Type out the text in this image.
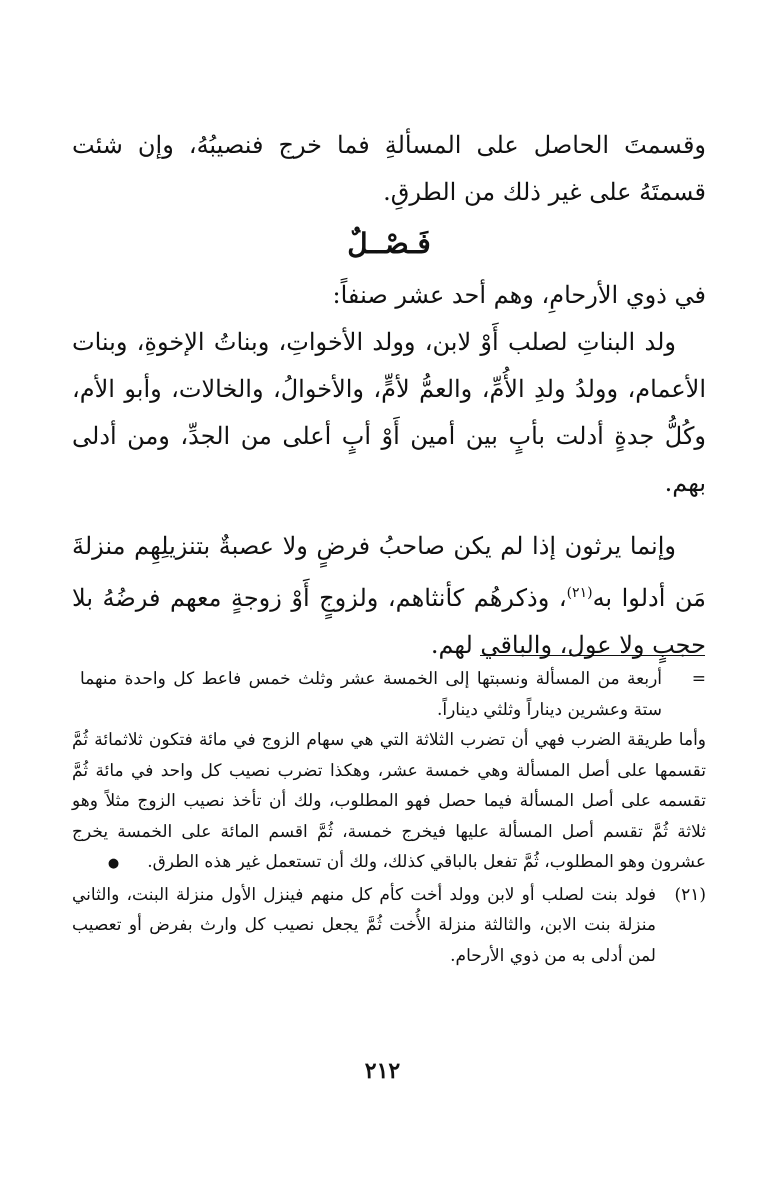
وقسمتَ الحاصل على المسألةِ فما خرج فنصيبُهُ، وإن شئت قسمتَهُ على غير ذلك من الطرقِ.

فَـصْــلٌ

في ذوي الأرحامِ، وهم أحد عشر صنفاً:

ولد البناتِ لصلب أَوْ لابن، وولد الأخواتِ، وبناتُ الإخوةِ، وبنات الأعمام، وولدُ ولدِ الأُمِّ، والعمُّ لأمٍّ، والأخوالُ، والخالات، وأبو الأم، وكُلُّ جدةٍ أدلت بأبٍ بين أمين أَوْ أبٍ أعلى من الجدِّ، ومن أدلى بهم.

وإنما يرثون إذا لم يكن صاحبُ فرضٍ ولا عصبةٌ بتنزيلِهِم منزلةَ مَن أدلوا به$^{(٢١)}$، وذكرهُم كأنثاهم، ولزوجٍ أَوْ زوجةٍ معهم فرضُهُ بلا حجبٍ ولا عول، والباقي لهم.

=

أربعة من المسألة ونسبتها إلى الخمسة عشر وثلث خمس فاعط كل واحدة منهما ستة وعشرين ديناراً وثلثي ديناراً.

وأما طريقة الضرب فهي أن تضرب الثلاثة التي هي سهام الزوج في مائة فتكون ثلاثمائة ثُمَّ تقسمها على أصل المسألة وهي خمسة عشر، وهكذا تضرب نصيب كل واحد في مائة ثُمَّ تقسمه على أصل المسألة فيما حصل فهو المطلوب، ولك أن تأخذ نصيب الزوج مثلاً وهو ثلاثة ثُمَّ تقسم أصل المسألة عليها فيخرج خمسة، ثُمَّ اقسم المائة على الخمسة يخرج عشرون وهو المطلوب، ثُمَّ تفعل بالباقي كذلك، ولك أن تستعمل غير هذه الطرق.●

(٢١)

فولد بنت لصلب أو لابن وولد أخت كأم كل منهم فينزل الأول منزلة البنت، والثاني منزلة بنت الابن، والثالثة منزلة الأُخت ثُمَّ يجعل نصيب كل وارث بفرض أو تعصيب لمن أدلى به من ذوي الأرحام.

٢١٢
